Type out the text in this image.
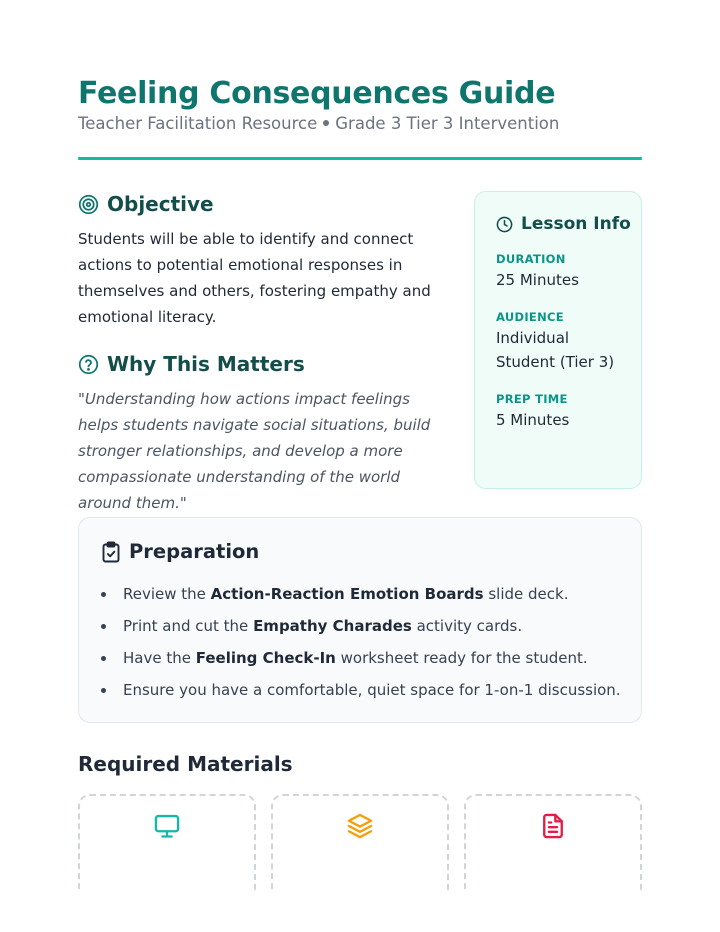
Feeling Consequences Guide
Teacher Facilitation Resource Grade 3 Tier 3 Intervention
Objective

Students will be able to identify and connect actions to potential emotional responses in themselves and others, fostering empathy and emotional literacy.

Why This Matters

"Understanding how actions impact feelings helps students navigate social situations, build stronger relationships, and develop a more compassionate understanding of the world around them."

Lesson Info
DURATION
25 Minutes
AUDIENCE
Individual Student (Tier 3)
PREP TIME
5 Minutes
Preparation
Review the Action-Reaction Emotion Boards slide deck.
Print and cut the Empathy Charades activity cards.
Have the Feeling Check-In worksheet ready for the student.
Ensure you have a comfortable, quiet space for 1-on-1 discussion.
Required Materials
